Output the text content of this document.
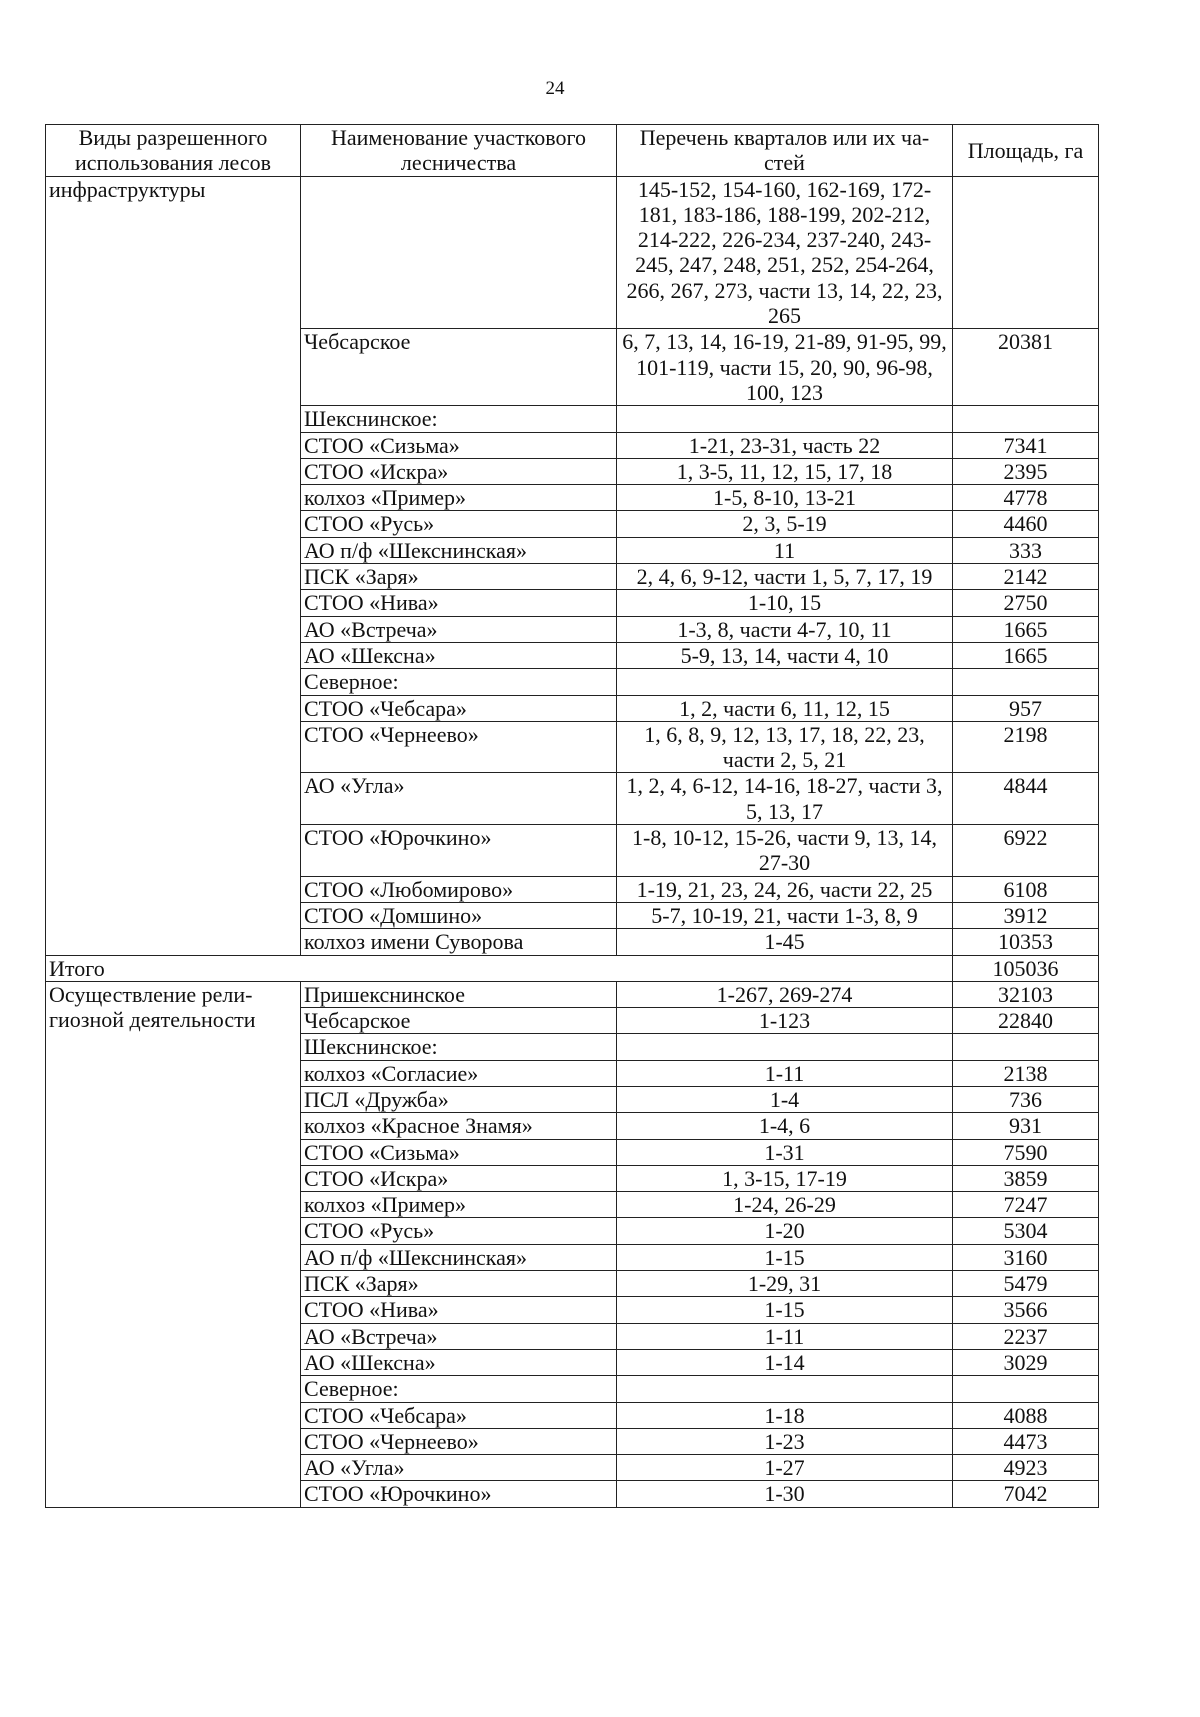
24
Виды разрешенного использования лесов	Наименование участкового лесничества	Перечень кварталов или их ча-стей	Площадь, га
инфраструктуры		145-152, 154-160, 162-169, 172-181, 183-186, 188-199, 202-212, 214-222, 226-234, 237-240, 243-245, 247, 248, 251, 252, 254-264, 266, 267, 273, части 13, 14, 22, 23, 265	
	Чебсарское	6, 7, 13, 14, 16-19, 21-89, 91-95, 99, 101-119, части 15, 20, 90, 96-98, 100, 123	20381
	Шекснинское:		
	СТОО «Сизьма»	1-21, 23-31, часть 22	7341
	СТОО «Искра»	1, 3-5, 11, 12, 15, 17, 18	2395
	колхоз «Пример»	1-5, 8-10, 13-21	4778
	СТОО «Русь»	2, 3, 5-19	4460
	АО п/ф «Шекснинская»	11	333
	ПСК «Заря»	2, 4, 6, 9-12, части 1, 5, 7, 17, 19	2142
	СТОО «Нива»	1-10, 15	2750
	АО «Встреча»	1-3, 8, части 4-7, 10, 11	1665
	АО «Шексна»	5-9, 13, 14, части 4, 10	1665
	Северное:		
	СТОО «Чебсара»	1, 2, части 6, 11, 12, 15	957
	СТОО «Чернеево»	1, 6, 8, 9, 12, 13, 17, 18, 22, 23, части 2, 5, 21	2198
	АО «Угла»	1, 2, 4, 6-12, 14-16, 18-27, части 3, 5, 13, 17	4844
	СТОО «Юрочкино»	1-8, 10-12, 15-26, части 9, 13, 14, 27-30	6922
	СТОО «Любомирово»	1-19, 21, 23, 24, 26, части 22, 25	6108
	СТОО «Домшино»	5-7, 10-19, 21, части 1-3, 8, 9	3912
	колхоз имени Суворова	1-45	10353
Итого			105036
Осуществление рели-гиозной деятельности	Пришекснинское	1-267, 269-274	32103
	Чебсарское	1-123	22840
	Шекснинское:		
	колхоз «Согласие»	1-11	2138
	ПСЛ «Дружба»	1-4	736
	колхоз «Красное Знамя»	1-4, 6	931
	СТОО «Сизьма»	1-31	7590
	СТОО «Искра»	1, 3-15, 17-19	3859
	колхоз «Пример»	1-24, 26-29	7247
	СТОО «Русь»	1-20	5304
	АО п/ф «Шекснинская»	1-15	3160
	ПСК «Заря»	1-29, 31	5479
	СТОО «Нива»	1-15	3566
	АО «Встреча»	1-11	2237
	АО «Шексна»	1-14	3029
	Северное:		
	СТОО «Чебсара»	1-18	4088
	СТОО «Чернеево»	1-23	4473
	АО «Угла»	1-27	4923
	СТОО «Юрочкино»	1-30	7042
